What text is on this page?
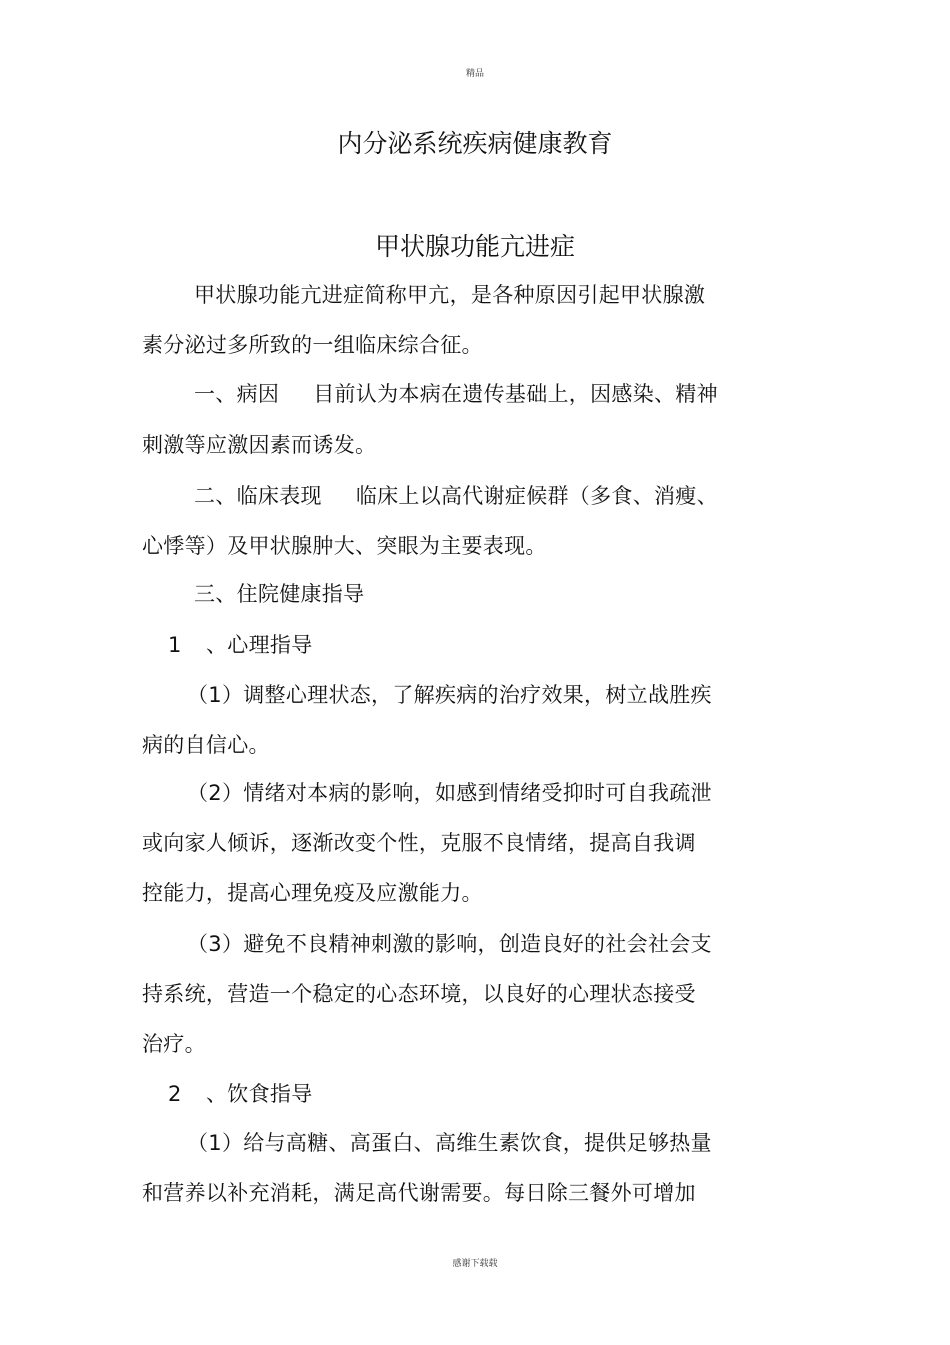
精品
内分泌系统疾病健康教育
甲状腺功能亢进症
甲状腺功能亢进症简称甲亢，是各种原因引起甲状腺激
素分泌过多所致的一组临床综合征。
一、病因 目前认为本病在遗传基础上，因感染、精神
刺激等应激因素而诱发。
二、临床表现 临床上以高代谢症候群（多食、消瘦、
心悸等）及甲状腺肿大、突眼为主要表现。
三、住院健康指导
1 、心理指导
（1）调整心理状态，了解疾病的治疗效果，树立战胜疾
病的自信心。
（2）情绪对本病的影响，如感到情绪受抑时可自我疏泄
或向家人倾诉，逐渐改变个性，克服不良情绪，提高自我调
控能力，提高心理免疫及应激能力。
（3）避免不良精神刺激的影响，创造良好的社会社会支
持系统，营造一个稳定的心态环境，以良好的心理状态接受
治疗。
2 、饮食指导
（1）给与高糖、高蛋白、高维生素饮食，提供足够热量
和营养以补充消耗，满足高代谢需要。每日除三餐外可增加
感谢下载载
